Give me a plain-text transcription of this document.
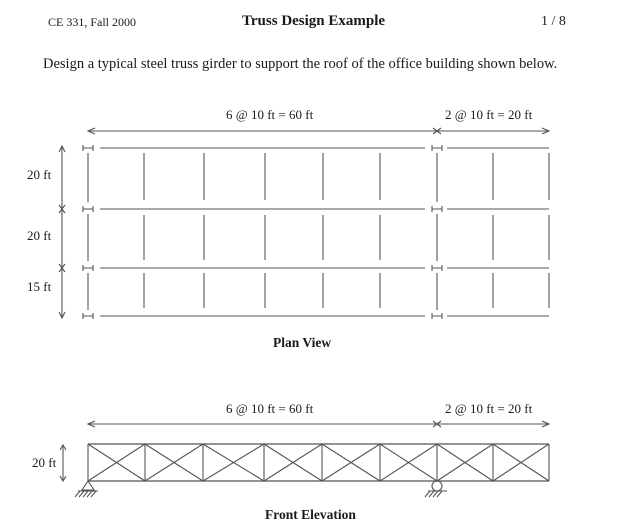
CE 331, Fall 2000	Truss Design Example	1 / 8
Design a typical steel truss girder to support the roof of the office building shown below.
6 @ 10 ft = 60 ft	2 @ 10 ft = 20 ft
20 ft
20 ft
15 ft
Plan View
6 @ 10 ft = 60 ft	2 @ 10 ft = 20 ft
20 ft
Front Elevation
